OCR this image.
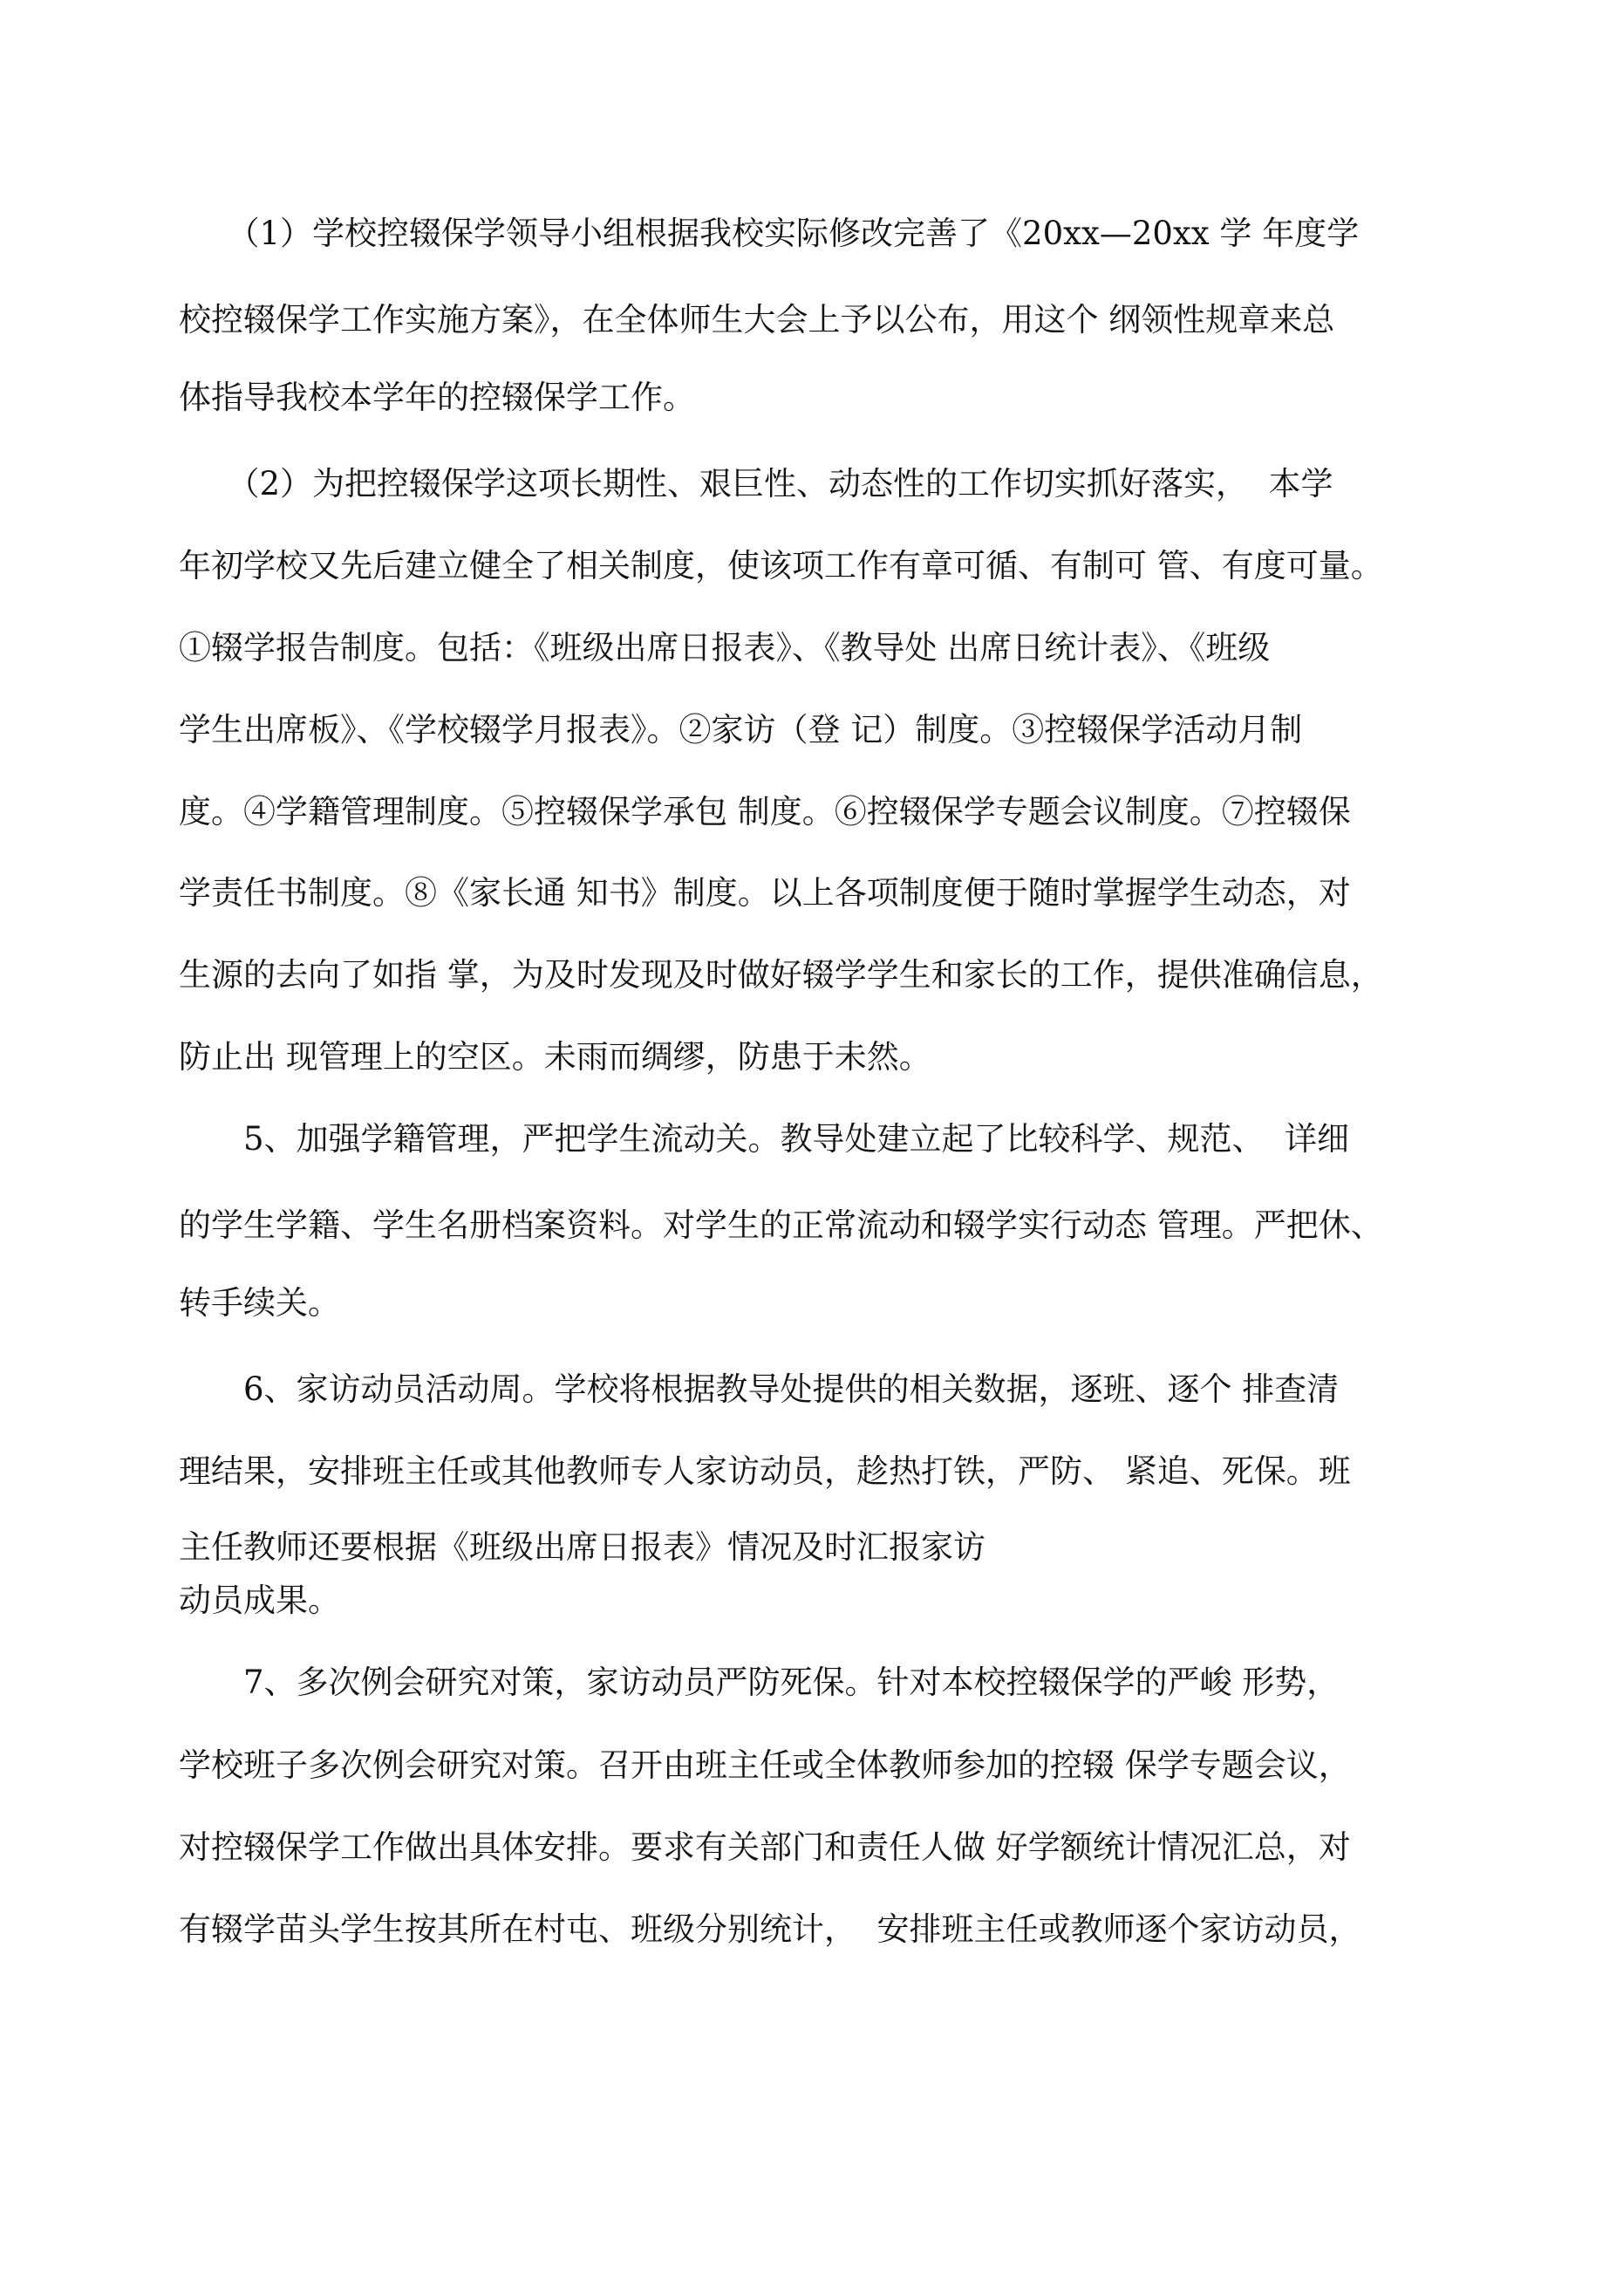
　　（1）学校控辍保学领导小组根据我校实际修改完善了《20xx—20xx 学 年度学
校控辍保学工作实施方案》，在全体师生大会上予以公布，用这个 纲领性规章来总
体指导我校本学年的控辍保学工作。
　　（2）为把控辍保学这项长期性、艰巨性、动态性的工作切实抓好落实，  本学
年初学校又先后建立健全了相关制度，使该项工作有章可循、有制可 管、有度可量。
①辍学报告制度。包括：《班级出席日报表》、《教导处 出席日统计表》、《班级
学生出席板》、《学校辍学月报表》。②家访（登 记）制度。③控辍保学活动月制
度。④学籍管理制度。⑤控辍保学承包 制度。⑥控辍保学专题会议制度。⑦控辍保
学责任书制度。⑧《家长通 知书》制度。以上各项制度便于随时掌握学生动态，对
生源的去向了如指 掌，为及时发现及时做好辍学学生和家长的工作，提供准确信息，
防止出 现管理上的空区。未雨而绸缪，防患于未然。
　　5、加强学籍管理，严把学生流动关。教导处建立起了比较科学、规范、  详细
的学生学籍、学生名册档案资料。对学生的正常流动和辍学实行动态 管理。严把休、
转手续关。
　　6、家访动员活动周。学校将根据教导处提供的相关数据，逐班、逐个 排查清
理结果，安排班主任或其他教师专人家访动员，趁热打铁，严防、 紧追、死保。班
主任教师还要根据《班级出席日报表》情况及时汇报家访
动员成果。
　　7、多次例会研究对策，家访动员严防死保。针对本校控辍保学的严峻 形势，
学校班子多次例会研究对策。召开由班主任或全体教师参加的控辍 保学专题会议，
对控辍保学工作做出具体安排。要求有关部门和责任人做 好学额统计情况汇总，对
有辍学苗头学生按其所在村屯、班级分别统计，  安排班主任或教师逐个家访动员，
